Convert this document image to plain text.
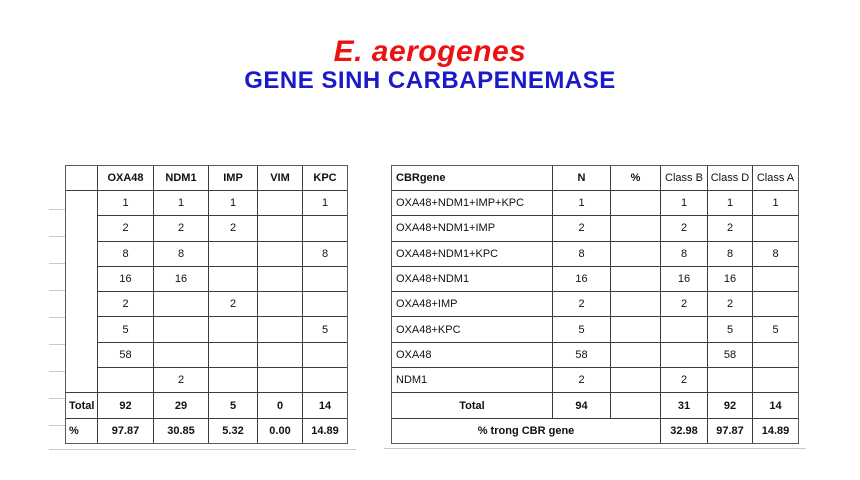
E. aerogenes
GENE SINH CARBAPENEMASE
	OXA48	NDM1	IMP	VIM	KPC
	1	1	1		1
	2	2	2		
	8	8			8
	16	16			
	2		2		
	5				5
	58				
		2			
Total	92	29	5	0	14
%	97.87	30.85	5.32	0.00	14.89
CBRgene	N	%	Class B	Class D	Class A
OXA48+NDM1+IMP+KPC	1		1	1	1
OXA48+NDM1+IMP	2		2	2	
OXA48+NDM1+KPC	8		8	8	8
OXA48+NDM1	16		16	16	
OXA48+IMP	2		2	2	
OXA48+KPC	5			5	5
OXA48	58			58	
NDM1	2		2		
Total	94		31	92	14
% trong CBR gene			32.98	97.87	14.89
